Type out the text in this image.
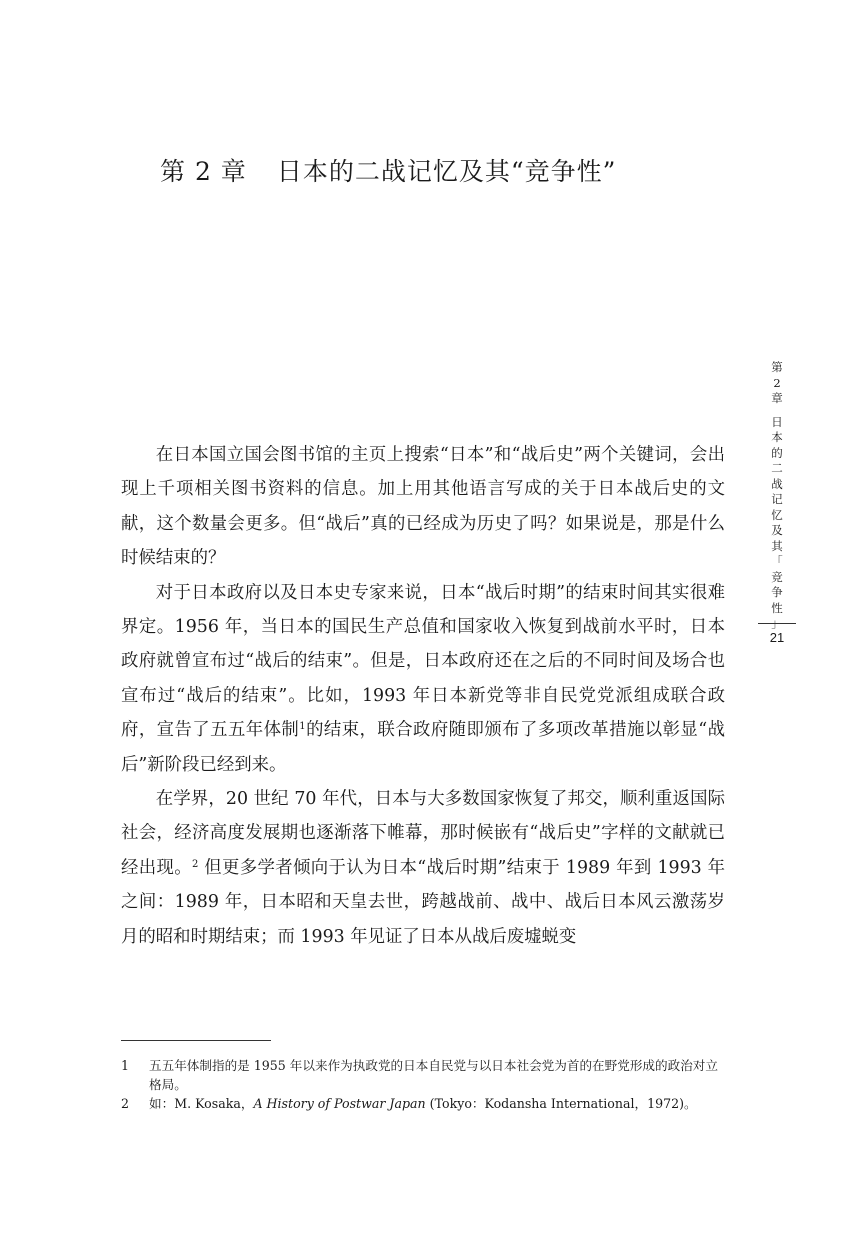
第 2 章 日本的二战记忆及其“竞争性”
第
2
章
日
本
的
二
战
记
忆
及
其
「
竞
争
性
」
21

在日本国立国会图书馆的主页上搜索“日本”和“战后史”两个关键词，会出现上千项相关图书资料的信息。加上用其他语言写成的关于日本战后史的文献，这个数量会更多。但“战后”真的已经成为历史了吗？如果说是，那是什么时候结束的？

对于日本政府以及日本史专家来说，日本“战后时期”的结束时间其实很难界定。1956 年，当日本的国民生产总值和国家收入恢复到战前水平时，日本政府就曾宣布过“战后的结束”。但是，日本政府还在之后的不同时间及场合也宣布过“战后的结束”。比如，1993 年日本新党等非自民党党派组成联合政府，宣告了五五年体制$^1$的结束，联合政府随即颁布了多项改革措施以彰显“战后”新阶段已经到来。

在学界，20 世纪 70 年代，日本与大多数国家恢复了邦交，顺利重返国际社会，经济高度发展期也逐渐落下帷幕，那时候嵌有“战后史”字样的文献就已经出现。$^2$ 但更多学者倾向于认为日本“战后时期”结束于 1989 年到 1993 年之间：1989 年，日本昭和天皇去世，跨越战前、战中、战后日本风云激荡岁月的昭和时期结束；而 1993 年见证了日本从战后废墟蜕变

1	五五年体制指的是 1955 年以来作为执政党的日本自民党与以日本社会党为首的在野党形成的政治对立格局。
2	如：M. Kosaka，A History of Postwar Japan (Tokyo：Kodansha International，1972)。
